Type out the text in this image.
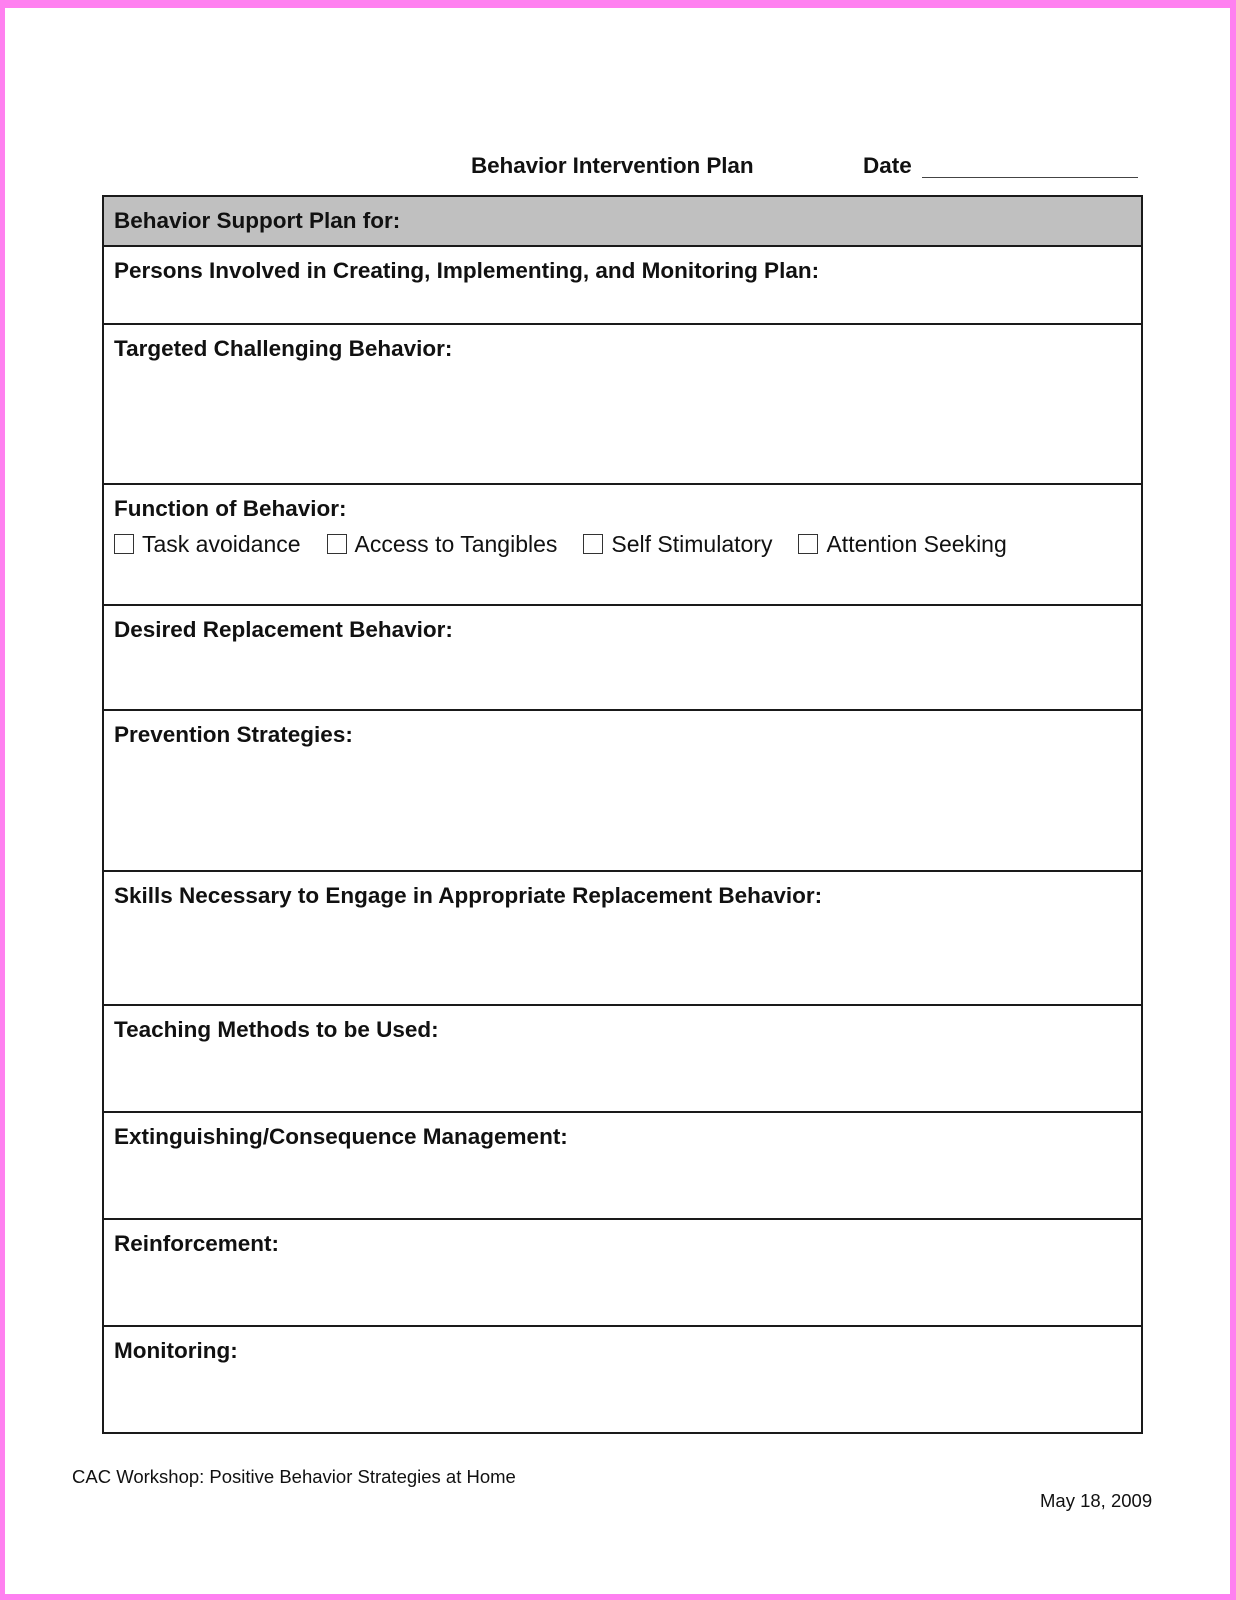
Behavior Intervention Plan	Date
Behavior Support Plan for:
Persons Involved in Creating, Implementing, and Monitoring Plan:
Targeted Challenging Behavior:
Function of Behavior:
Task avoidance Access to Tangibles Self Stimulatory Attention Seeking
Desired Replacement Behavior:
Prevention Strategies:
Skills Necessary to Engage in Appropriate Replacement Behavior:
Teaching Methods to be Used:
Extinguishing/Consequence Management:
Reinforcement:
Monitoring:
CAC Workshop: Positive Behavior Strategies at Home
May 18, 2009
